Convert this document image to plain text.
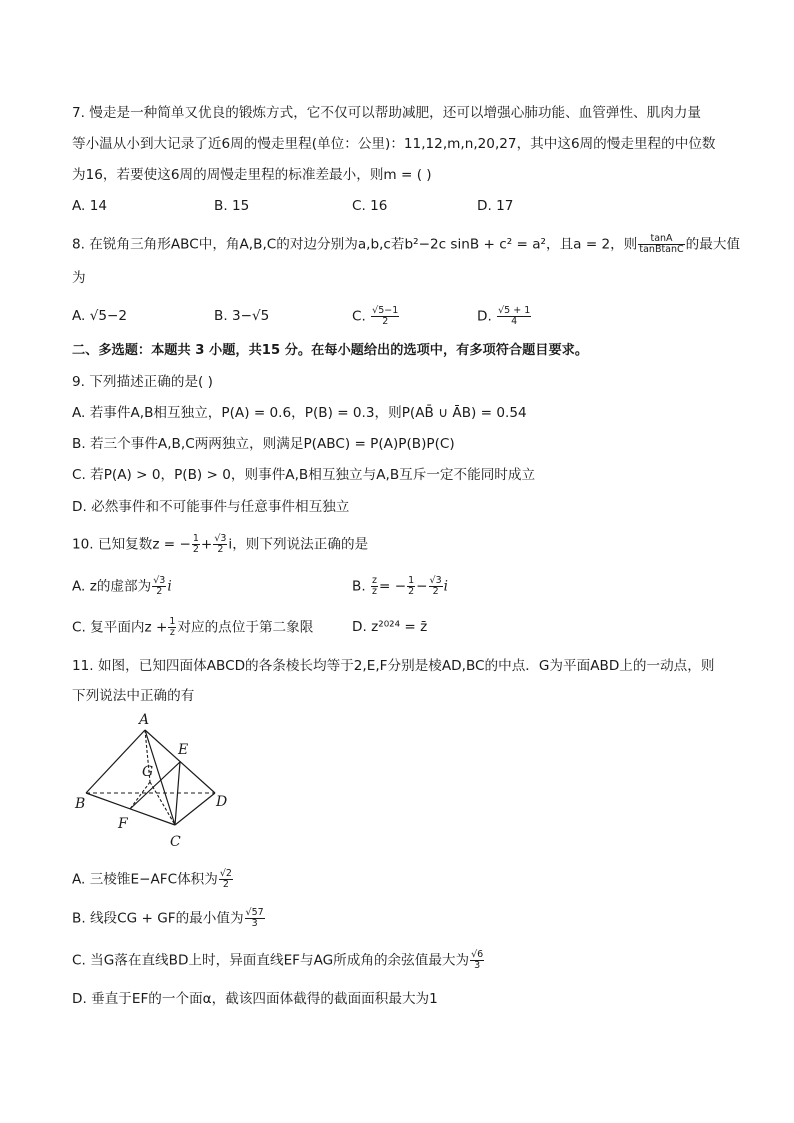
7. 慢走是一种简单又优良的锻炼方式，它不仅可以帮助减肥，还可以增强心肺功能、血管弹性、肌肉力量
等小温从小到大记录了近6周的慢走里程(单位：公里)：11,12,m,n,20,27，其中这6周的慢走里程的中位数
为16，若要使这6周的周慢走里程的标准差最小，则m = ( )
A. 14	B. 15	C. 16	D. 17
8. 在锐角三角形ABC中，角A,B,C的对边分别为a,b,c若b²−2c sinB + c² = a²，且a = 2，则 $\frac{\tan A}{\text{tanBtanC}}$ 的最大值
为
A. √5−2	B. 3−√5	C. $\frac{√5-1}{2}$	D. $\frac{√5 + 1}{4}$
二、多选题：本题共 3 小题，共15 分。在每小题给出的选项中，有多项符合题目要求。
9. 下列描述正确的是( )
A. 若事件A,B相互独立，P(A) = 0.6，P(B) = 0.3，则P(AB̄ ∪ ĀB) = 0.54
B. 若三个事件A,B,C两两独立，则满足P(ABC) = P(A)P(B)P(C)
C. 若P(A) > 0，P(B) > 0，则事件A,B相互独立与A,B互斥一定不能同时成立
D. 必然事件和不可能事件与任意事件相互独立
10. 已知复数z = − $\frac{1}{2} + \frac{√3}{2}$ i，则下列说法正确的是
A. z的虚部为 $\frac{√3}{2}$ i	B. $\frac{z}{z̄}$ = − $\frac{1}{2} - \frac{√3}{2}$ i
C. 复平面内$z + \frac{1}{z}$ 对应的点位于第二象限	D. z²⁰²⁴ = z̄
11. 如图，已知四面体ABCD的各条棱长均等于2,E,F分别是棱AD,BC的中点．G为平面ABD上的一动点，则
下列说法中正确的有
A
B
C
D
E
F
G
A. 三棱锥E−AFC体积为 $\frac{√2}{2}$
B. 线段CG + GF的最小值为 $\frac{√57}{3}$
C. 当G落在直线BD上时，异面直线EF与AG所成角的余弦值最大为 $\frac{√6}{3}$
D. 垂直于EF的一个面α，截该四面体截得的截面面积最大为1
